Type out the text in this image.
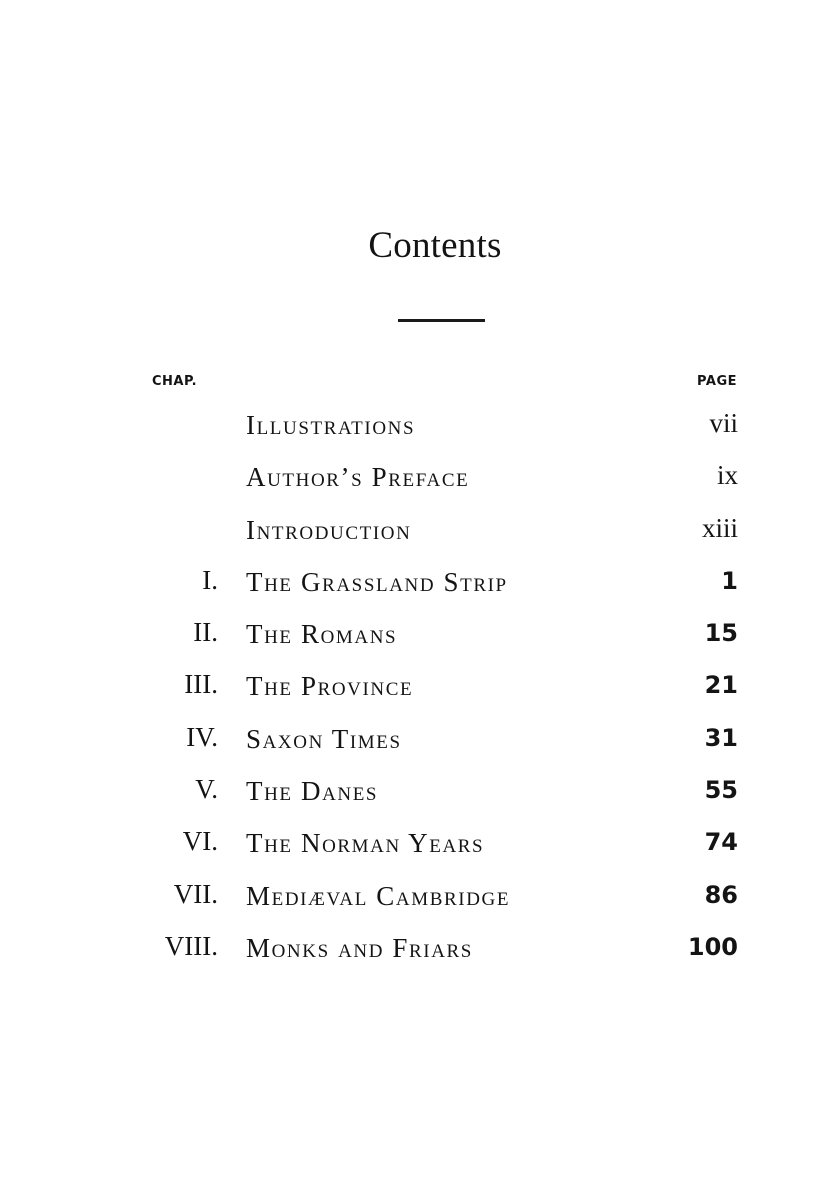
Contents
CHAP.	PAGE
Illustrations	vii
Author’s Preface	ix
Introduction	xiii
I. The Grassland Strip	1
II. The Romans	15
III. The Province	21
IV. Saxon Times	31
V. The Danes	55
VI. The Norman Years	74
VII. Mediæval Cambridge	86
VIII. Monks and Friars	100
